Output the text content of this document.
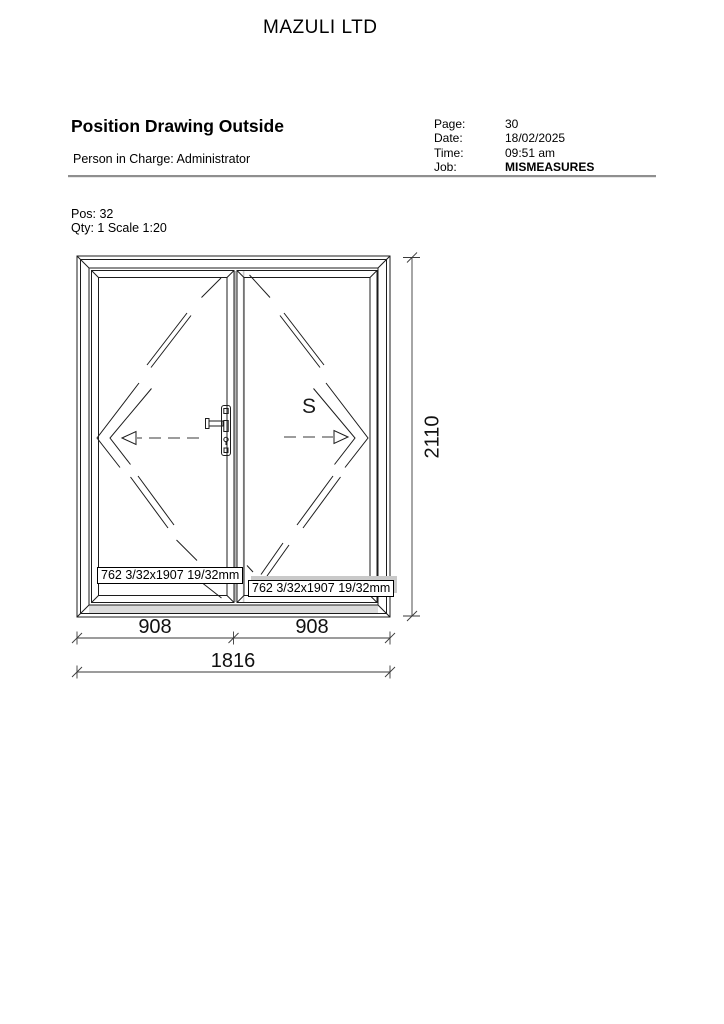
MAZULI LTD
Position Drawing Outside
Person in Charge: Administrator
Page:	30
Date:	18/02/2025
Time:	09:51 am
Job:	MISMEASURES
Pos: 32
Qty: 1 Scale 1:20
S
762 3/32x1907 19/32mm
762 3/32x1907 19/32mm
908	908
1816
2110
